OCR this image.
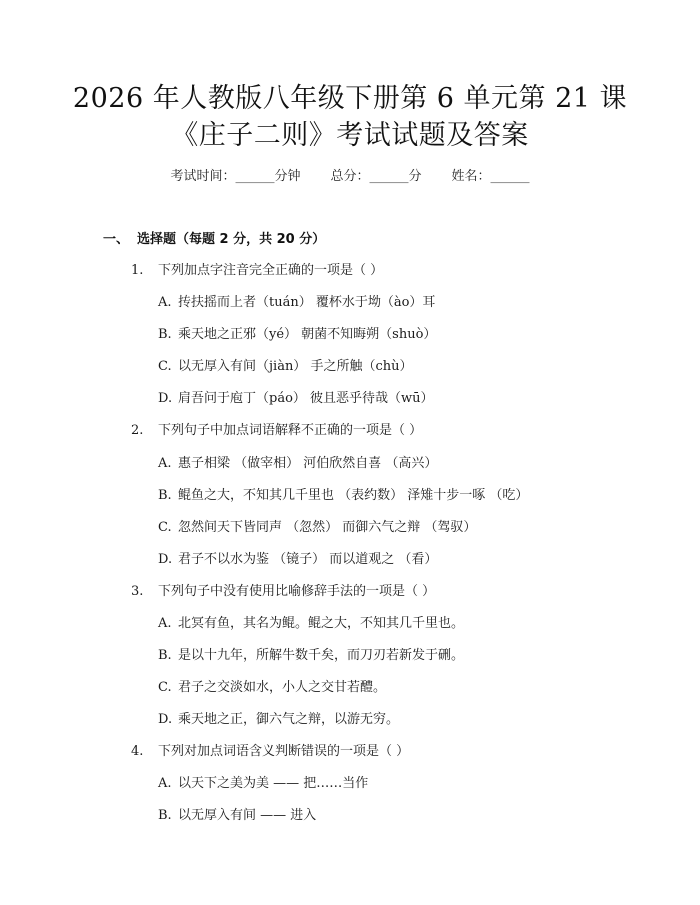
2026 年人教版八年级下册第 6 单元第 21 课
《庄子二则》考试试题及答案
考试时间：______分钟 总分：______分 姓名：______
一、 选择题（每题 2 分，共 20 分）
1. 下列加点字注音完全正确的一项是（ ）
A. 抟扶摇而上者（tuán） 覆杯水于坳（ào）耳
B. 乘天地之正邪（yé） 朝菌不知晦朔（shuò）
C. 以无厚入有间（jiàn） 手之所触（chù）
D. 肩吾问于庖丁（páo） 彼且恶乎待哉（wū）
2. 下列句子中加点词语解释不正确的一项是（ ）
A. 惠子相梁 （做宰相） 河伯欣然自喜 （高兴）
B. 鲲鱼之大，不知其几千里也 （表约数） 泽雉十步一啄 （吃）
C. 忽然间天下皆同声 （忽然） 而御六气之辩 （驾驭）
D. 君子不以水为鉴 （镜子） 而以道观之 （看）
3. 下列句子中没有使用比喻修辞手法的一项是（ ）
A. 北冥有鱼，其名为鲲。鲲之大，不知其几千里也。
B. 是以十九年，所解牛数千矣，而刀刃若新发于硎。
C. 君子之交淡如水，小人之交甘若醴。
D. 乘天地之正，御六气之辩，以游无穷。
4. 下列对加点词语含义判断错误的一项是（ ）
A. 以天下之美为美 —— 把……当作
B. 以无厚入有间 —— 进入
